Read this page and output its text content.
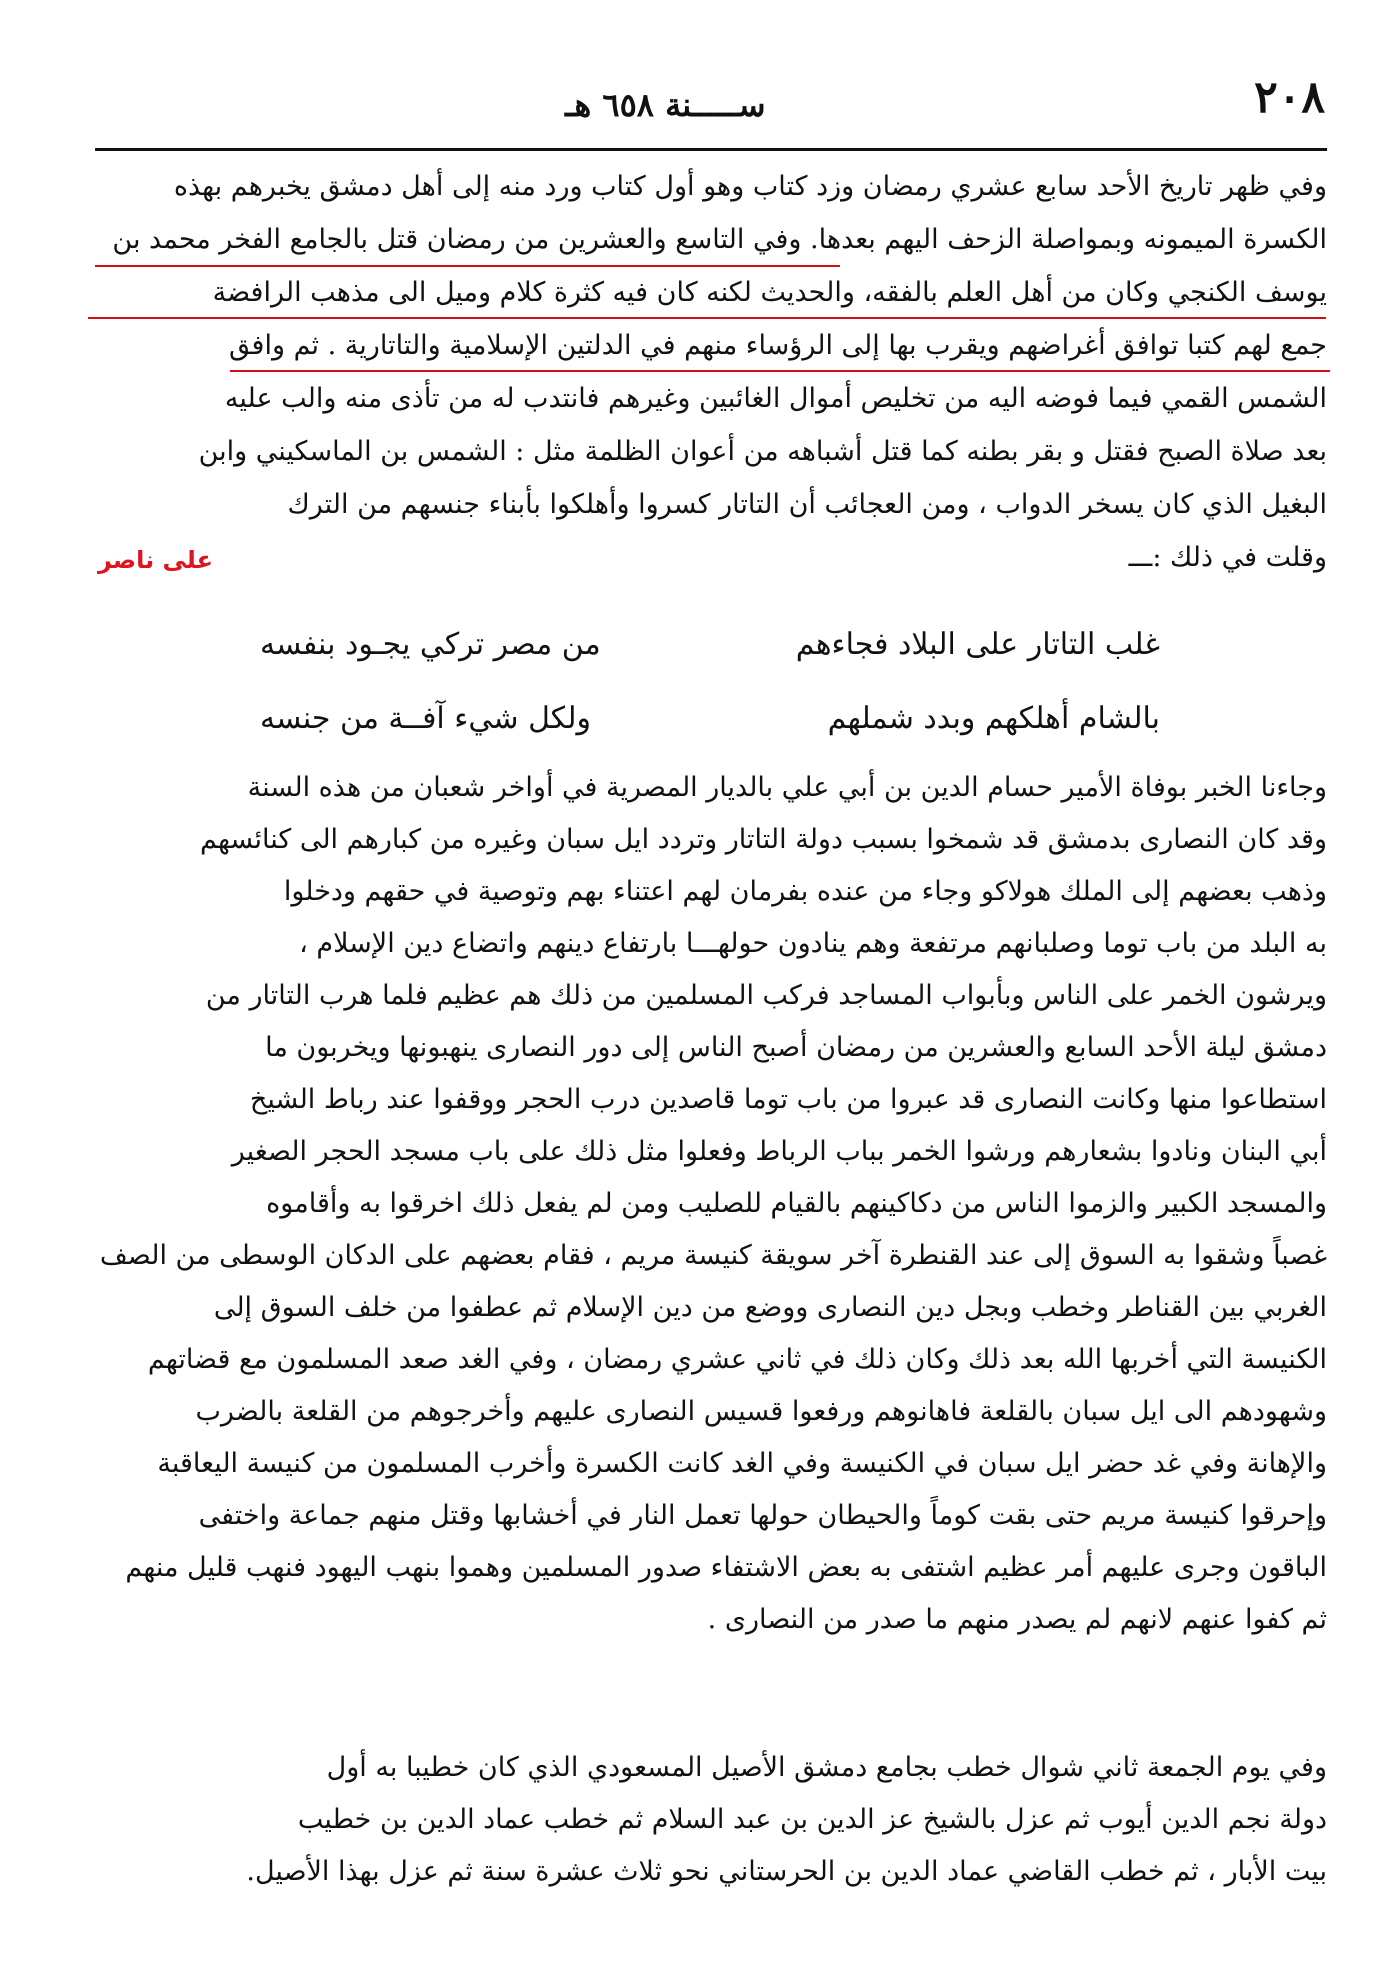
٢٠٨
ســـــنة ٦٥٨ هـ
وفي ظهر تاريخ الأحد سابع عشري رمضان وزد كتاب وهو أول كتاب ورد منه إلى أهل دمشق يخبرهم بهذه
الكسرة الميمونه وبمواصلة الزحف اليهم بعدها. وفي التاسع والعشرين من رمضان قتل بالجامع الفخر محمد بن
يوسف الكنجي وكان من أهل العلم بالفقه، والحديث لكنه كان فيه كثرة كلام وميل الى مذهب الرافضة
جمع لهم كتبا توافق أغراضهم ويقرب بها إلى الرؤساء منهم في الدلتين الإسلامية والتاتارية . ثم وافق
الشمس القمي فيما فوضه اليه من تخليص أموال الغائبين وغيرهم فانتدب له من تأذى منه والب عليه
بعد صلاة الصبح فقتل و بقر بطنه كما قتل أشباهه من أعوان الظلمة مثل : الشمس بن الماسكيني وابن
البغيل الذي كان يسخر الدواب ، ومن العجائب أن التاتار كسروا وأهلكوا بأبناء جنسهم من الترك
وقلت في ذلك :ـــ
على ناصر
غلب التاتار على البلاد فجاءهم
من مصر تركي يجـود بنفسه
بالشام أهلكهم وبدد شملهم
ولكل شيء آفــة من جنسه
وجاءنا الخبر بوفاة الأمير حسام الدين بن أبي علي بالديار المصرية في أواخر شعبان من هذه السنة
وقد كان النصارى بدمشق قد شمخوا بسبب دولة التاتار وتردد ايل سبان وغيره من كبارهم الى كنائسهم
وذهب بعضهم إلى الملك هولاكو وجاء من عنده بفرمان لهم اعتناء بهم وتوصية في حقهم ودخلوا
به البلد من باب توما وصلبانهم مرتفعة وهم ينادون حولهـــا بارتفاع دينهم واتضاع دين الإسلام ،
ويرشون الخمر على الناس وبأبواب المساجد فركب المسلمين من ذلك هم عظيم فلما هرب التاتار من
دمشق ليلة الأحد السابع والعشرين من رمضان أصبح الناس إلى دور النصارى ينهبونها ويخربون ما
استطاعوا منها وكانت النصارى قد عبروا من باب توما قاصدين درب الحجر ووقفوا عند رباط الشيخ
أبي البنان ونادوا بشعارهم ورشوا الخمر بباب الرباط وفعلوا مثل ذلك على باب مسجد الحجر الصغير
والمسجد الكبير والزموا الناس من دكاكينهم بالقيام للصليب ومن لم يفعل ذلك اخرقوا به وأقاموه
غصباً وشقوا به السوق إلى عند القنطرة آخر سويقة كنيسة مريم ، فقام بعضهم على الدكان الوسطى من الصف
الغربي بين القناطر وخطب وبجل دين النصارى ووضع من دين الإسلام ثم عطفوا من خلف السوق إلى
الكنيسة التي أخربها الله بعد ذلك وكان ذلك في ثاني عشري رمضان ، وفي الغد صعد المسلمون مع قضاتهم
وشهودهم الى ايل سبان بالقلعة فاهانوهم ورفعوا قسيس النصارى عليهم وأخرجوهم من القلعة بالضرب
والإهانة وفي غد حضر ايل سبان في الكنيسة وفي الغد كانت الكسرة وأخرب المسلمون من كنيسة اليعاقبة
وإحرقوا كنيسة مريم حتى بقت كوماً والحيطان حولها تعمل النار في أخشابها وقتل منهم جماعة واختفى
الباقون وجرى عليهم أمر عظيم اشتفى به بعض الاشتفاء صدور المسلمين وهموا بنهب اليهود فنهب قليل منهم
ثم كفوا عنهم لانهم لم يصدر منهم ما صدر من النصارى .
وفي يوم الجمعة ثاني شوال خطب بجامع دمشق الأصيل المسعودي الذي كان خطيبا به أول
دولة نجم الدين أيوب ثم عزل بالشيخ عز الدين بن عبد السلام ثم خطب عماد الدين بن خطيب
بيت الأبار ، ثم خطب القاضي عماد الدين بن الحرستاني نحو ثلاث عشرة سنة ثم عزل بهذا الأصيل.
